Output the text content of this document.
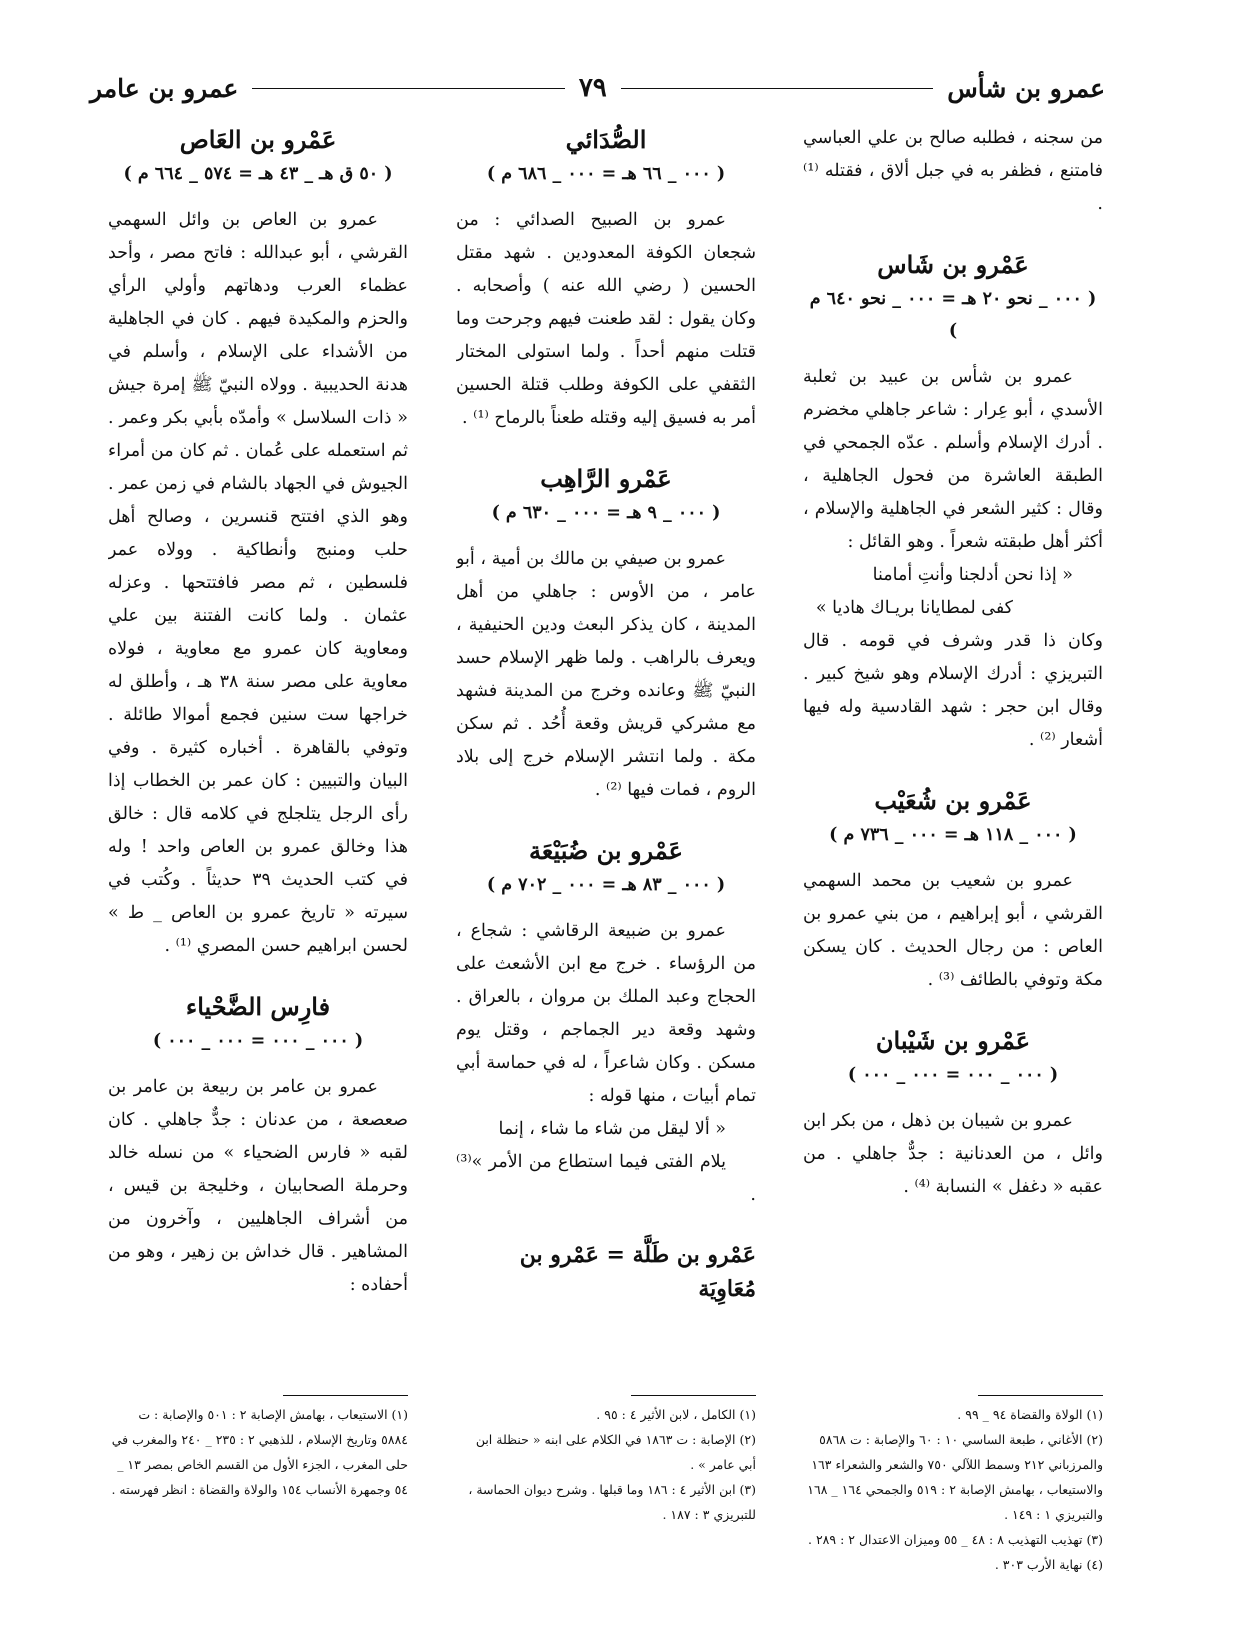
عمرو بن شأس
٧٩
عمرو بن عامر

من سجنه ، فطلبه صالح بن علي العباسي فامتنع ، فظفر به في جبل ألاق ، فقتله ⁽¹⁾ .

عَمْرو بن شَاس
( ٠٠٠ _ نحو ٢٠ هـ = ٠٠٠ _ نحو ٦٤٠ م )

عمرو بن شأس بن عبيد بن ثعلبة الأسدي ، أبو عِرار : شاعر جاهلي مخضرم . أدرك الإسلام وأسلم . عدّه الجمحي في الطبقة العاشرة من فحول الجاهلية ، وقال : كثير الشعر في الجاهلية والإسلام ، أكثر أهل طبقته شعراً . وهو القائل :

« إذا نحن أدلجنا وأنتِ أمامنا

كفى لمطايانا بريـاك هاديا »

وكان ذا قدر وشرف في قومه . قال التبريزي : أدرك الإسلام وهو شيخ كبير . وقال ابن حجر : شهد القادسية وله فيها أشعار ⁽²⁾ .

عَمْرو بن شُعَيْب
( ٠٠٠ _ ١١٨ هـ = ٠٠٠ _ ٧٣٦ م )

عمرو بن شعيب بن محمد السهمي القرشي ، أبو إبراهيم ، من بني عمرو بن العاص : من رجال الحديث . كان يسكن مكة وتوفي بالطائف ⁽³⁾ .

عَمْرو بن شَيْبان
( ٠٠٠ _ ٠٠٠ = ٠٠٠ _ ٠٠٠ )

عمرو بن شيبان بن ذهل ، من بكر ابن وائل ، من العدنانية : جدٌّ جاهلي . من عقبه « دغفل » النسابة ⁽⁴⁾ .

الصُّدَائي
( ٠٠٠ _ ٦٦ هـ = ٠٠٠ _ ٦٨٦ م )

عمرو بن الصبيح الصدائي : من شجعان الكوفة المعدودين . شهد مقتل الحسين ( رضي الله عنه ) وأصحابه . وكان يقول : لقد طعنت فيهم وجرحت وما قتلت منهم أحداً . ولما استولى المختار الثقفي على الكوفة وطلب قتلة الحسين أمر به فسيق إليه وقتله طعناً بالرماح ⁽¹⁾ .

عَمْرو الرَّاهِب
( ٠٠٠ _ ٩ هـ = ٠٠٠ _ ٦٣٠ م )

عمرو بن صيفي بن مالك بن أمية ، أبو عامر ، من الأوس : جاهلي من أهل المدينة ، كان يذكر البعث ودين الحنيفية ، ويعرف بالراهب . ولما ظهر الإسلام حسد النبيّ ﷺ وعانده وخرج من المدينة فشهد مع مشركي قريش وقعة أُحُد . ثم سكن مكة . ولما انتشر الإسلام خرج إلى بلاد الروم ، فمات فيها ⁽²⁾ .

عَمْرو بن ضُبَيْعَة
( ٠٠٠ _ ٨٣ هـ = ٠٠٠ _ ٧٠٢ م )

عمرو بن ضبيعة الرقاشي : شجاع ، من الرؤساء . خرج مع ابن الأشعث على الحجاج وعبد الملك بن مروان ، بالعراق . وشهد وقعة دير الجماجم ، وقتل يوم مسكن . وكان شاعراً ، له في حماسة أبي تمام أبيات ، منها قوله :

« ألا ليقل من شاء ما شاء ، إنما

يلام الفتى فيما استطاع من الأمر »⁽³⁾ .

عَمْرو بن طَلَّة = عَمْرو بن مُعَاوِيَة
عَمْرو بن العَاص
( ٥٠ ق هـ _ ٤٣ هـ = ٥٧٤ _ ٦٦٤ م )

عمرو بن العاص بن وائل السهمي القرشي ، أبو عبدالله : فاتح مصر ، وأحد عظماء العرب ودهاتهم وأولي الرأي والحزم والمكيدة فيهم . كان في الجاهلية من الأشداء على الإسلام ، وأسلم في هدنة الحديبية . وولاه النبيّ ﷺ إمرة جيش « ذات السلاسل » وأمدّه بأبي بكر وعمر . ثم استعمله على عُمان . ثم كان من أمراء الجيوش في الجهاد بالشام في زمن عمر . وهو الذي افتتح قنسرين ، وصالح أهل حلب ومنبج وأنطاكية . وولاه عمر فلسطين ، ثم مصر فافتتحها . وعزله عثمان . ولما كانت الفتنة بين علي ومعاوية كان عمرو مع معاوية ، فولاه معاوية على مصر سنة ٣٨ هـ ، وأطلق له خراجها ست سنين فجمع أموالا طائلة . وتوفي بالقاهرة . أخباره كثيرة . وفي البيان والتبيين : كان عمر بن الخطاب إذا رأى الرجل يتلجلج في كلامه قال : خالق هذا وخالق عمرو بن العاص واحد ! وله في كتب الحديث ٣٩ حديثاً . وكُتب في سيرته « تاريخ عمرو بن العاص _ ط » لحسن ابراهيم حسن المصري ⁽¹⁾ .

فارِس الضَّحْياء
( ٠٠٠ _ ٠٠٠ = ٠٠٠ _ ٠٠٠ )

عمرو بن عامر بن ربيعة بن عامر بن صعصعة ، من عدنان : جدٌّ جاهلي . كان لقبه « فارس الضحياء » من نسله خالد وحرملة الصحابيان ، وخليجة بن قيس ، من أشراف الجاهليين ، وآخرون من المشاهير . قال خداش بن زهير ، وهو من أحفاده :

(١) الولاة والقضاة ٩٤ _ ٩٩ .
(٢) الأغاني ، طبعة الساسي ١٠ : ٦٠ والإصابة : ت ٥٨٦٨ والمرزباني ٢١٢ وسمط اللآلي ٧٥٠ والشعر والشعراء ١٦٣ والاستيعاب ، بهامش الإصابة ٢ : ٥١٩ والجمحي ١٦٤ _ ١٦٨ والتبريزي ١ : ١٤٩ .
(٣) تهذيب التهذيب ٨ : ٤٨ _ ٥٥ وميزان الاعتدال ٢ : ٢٨٩ .
(٤) نهاية الأرب ٣٠٣ .
(١) الكامل ، لابن الأثير ٤ : ٩٥ .
(٢) الإصابة : ت ١٨٦٣ في الكلام على ابنه « حنظلة ابن أبي عامر » .
(٣) ابن الأثير ٤ : ١٨٦ وما قبلها . وشرح ديوان الحماسة ، للتبريزي ٣ : ١٨٧ .
(١) الاستيعاب ، بهامش الإصابة ٢ : ٥٠١ والإصابة : ت ٥٨٨٤ وتاريخ الإسلام ، للذهبي ٢ : ٢٣٥ _ ٢٤٠ والمغرب في حلى المغرب ، الجزء الأول من القسم الخاص بمصر ١٣ _ ٥٤ وجمهرة الأنساب ١٥٤ والولاة والقضاة : انظر فهرسته .
